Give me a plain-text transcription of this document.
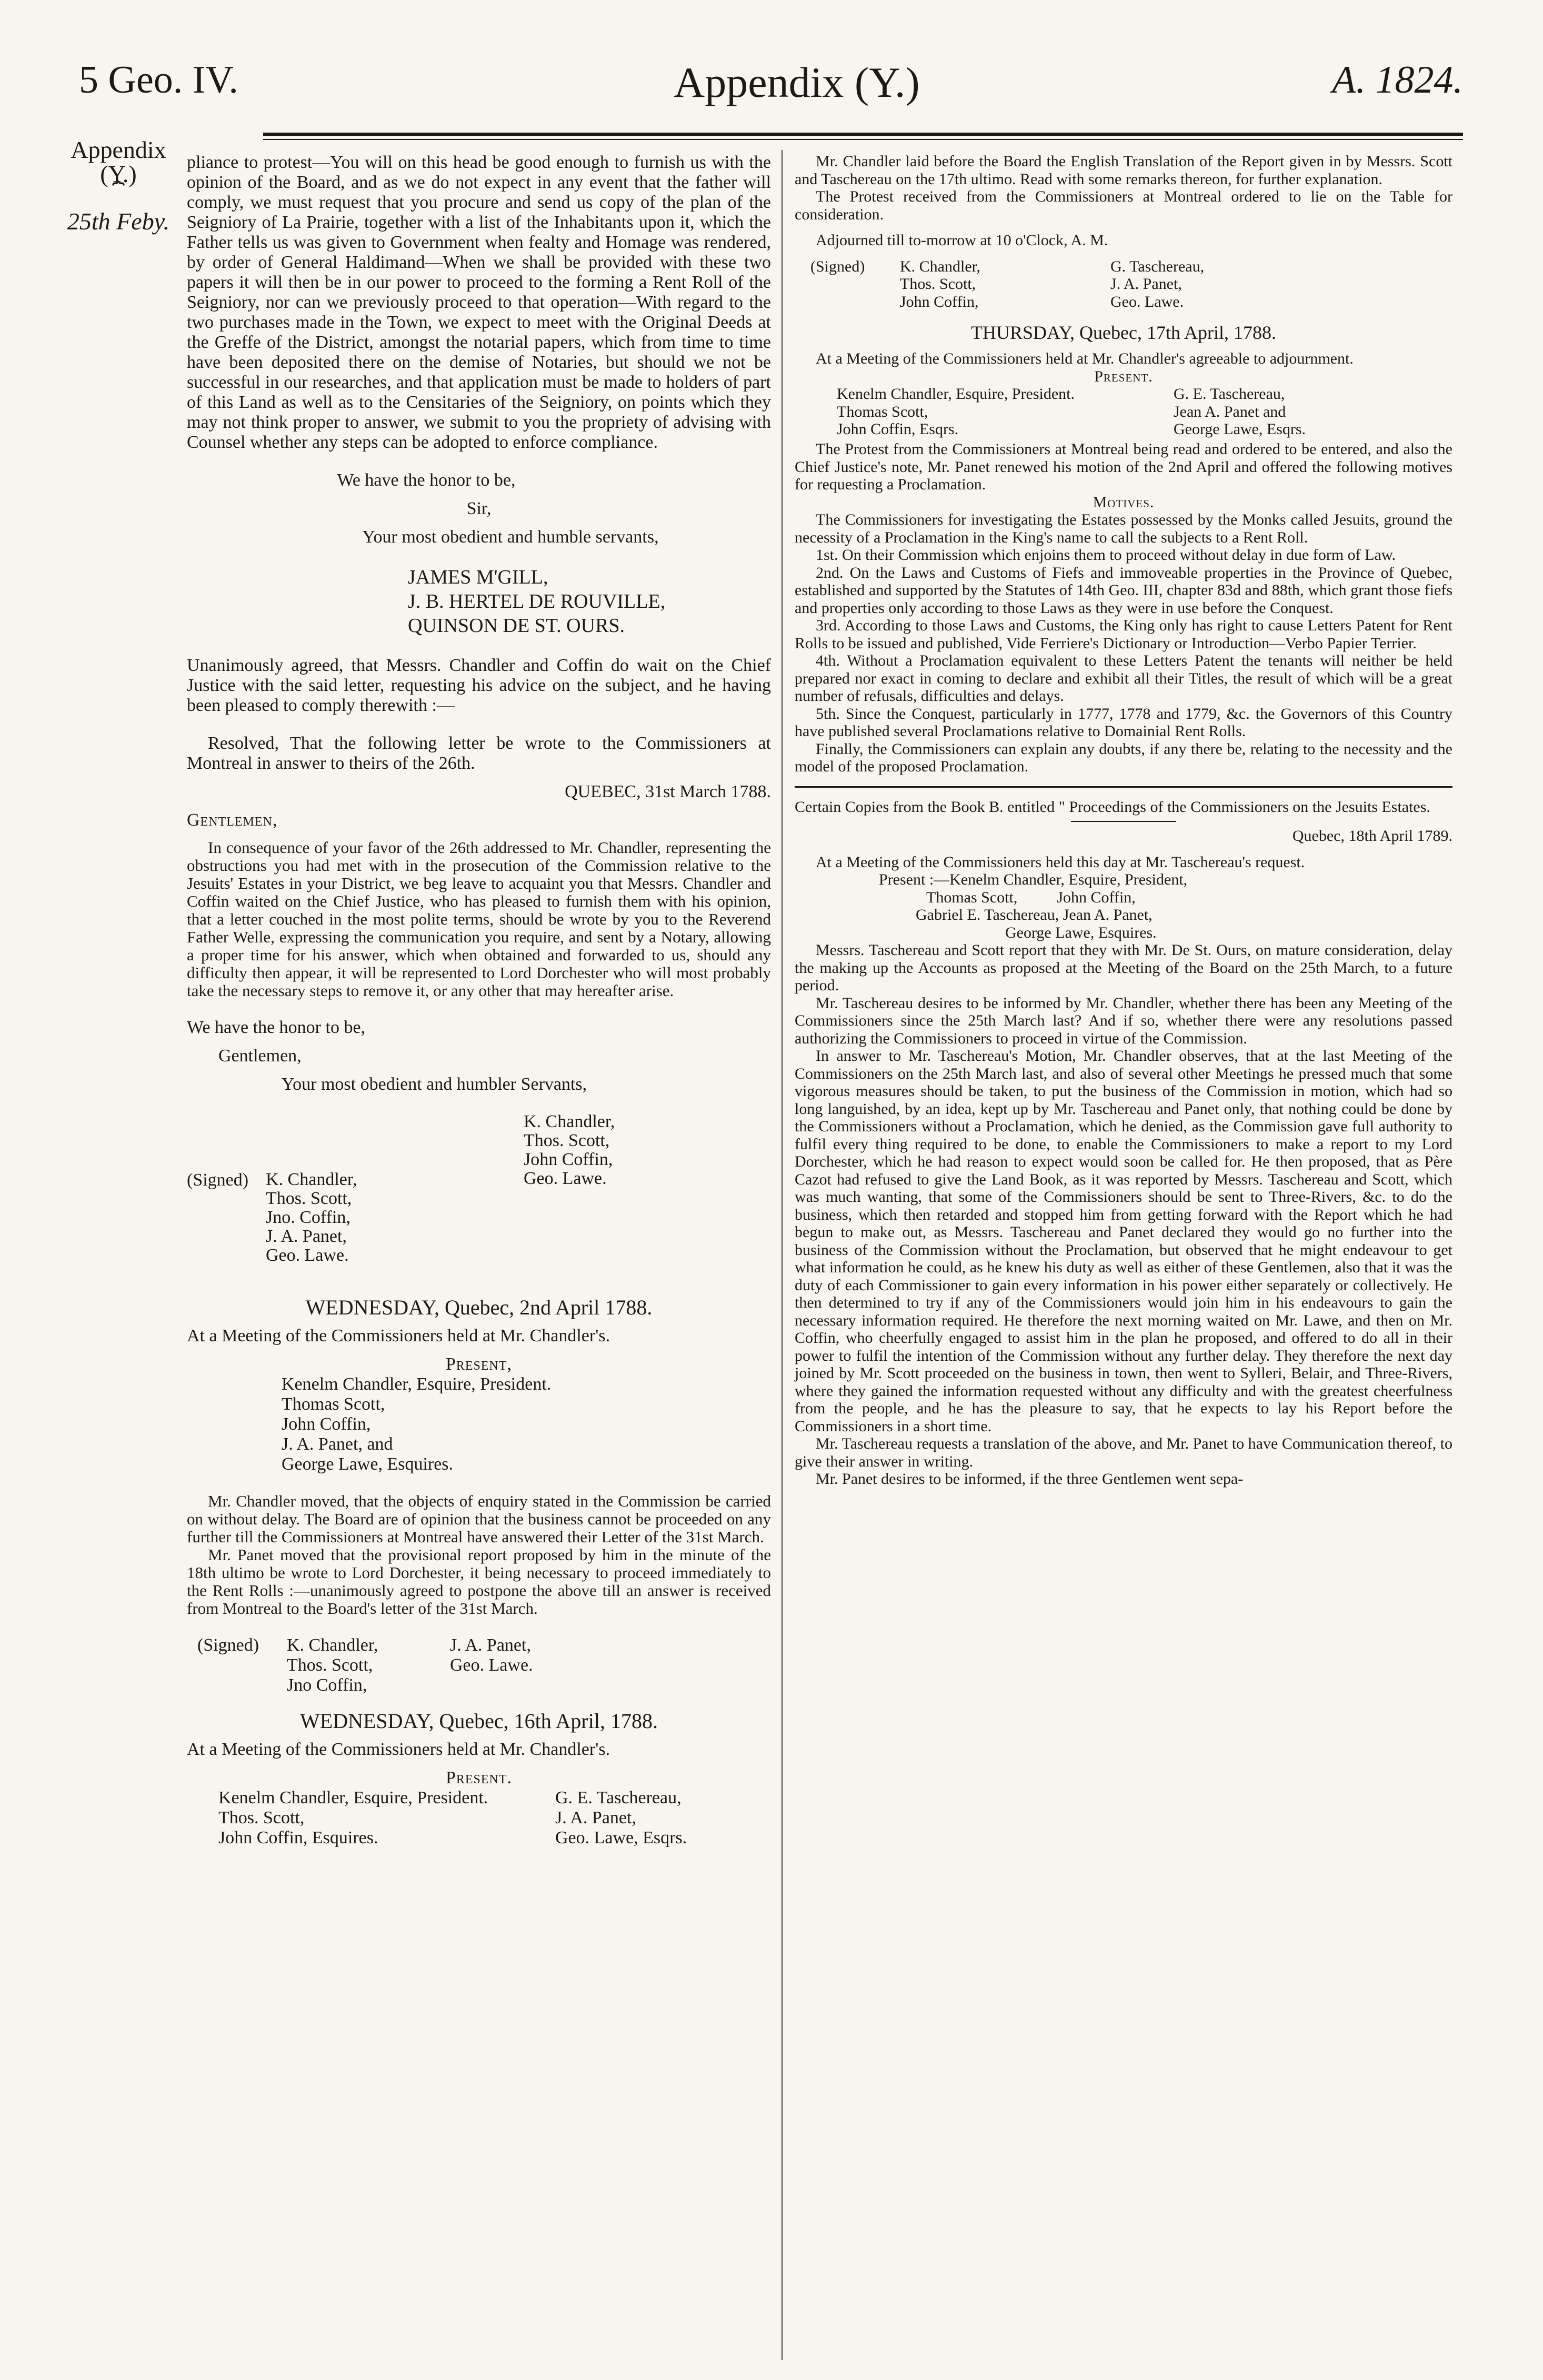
5 Geo. IV.	Appendix (Y.)	A. 1824.
Appendix
(Y.)
⏞
25th Feby.

pliance to protest—You will on this head be good enough to furnish us with the opinion of the Board, and as we do not expect in any event that the father will comply, we must request that you procure and send us copy of the plan of the Seigniory of La Prairie, together with a list of the Inhabitants upon it, which the Father tells us was given to Government when fealty and Homage was rendered, by order of General Haldimand—When we shall be provided with these two papers it will then be in our power to proceed to the forming a Rent Roll of the Seigniory, nor can we previously proceed to that operation—With regard to the two purchases made in the Town, we expect to meet with the Original Deeds at the Greffe of the District, amongst the notarial papers, which from time to time have been deposited there on the demise of Notaries, but should we not be successful in our researches, and that application must be made to holders of part of this Land as well as to the Censitaries of the Seigniory, on points which they may not think proper to answer, we submit to you the propriety of advising with Counsel whether any steps can be adopted to enforce compliance.

We have the honor to be,

Sir,

Your most obedient and humble servants,

JAMES M'GILL,
J. B. HERTEL DE ROUVILLE,
QUINSON DE ST. OURS.

Unanimously agreed, that Messrs. Chandler and Coffin do wait on the Chief Justice with the said letter, requesting his advice on the subject, and he having been pleased to comply therewith :—

Resolved, That the following letter be wrote to the Commissioners at Montreal in answer to theirs of the 26th.

QUEBEC, 31st March 1788.

Gentlemen,

In consequence of your favor of the 26th addressed to Mr. Chandler, representing the obstructions you had met with in the prosecution of the Commission relative to the Jesuits' Estates in your District, we beg leave to acquaint you that Messrs. Chandler and Coffin waited on the Chief Justice, who has pleased to furnish them with his opinion, that a letter couched in the most polite terms, should be wrote by you to the Reverend Father Welle, expressing the communication you require, and sent by a Notary, allowing a proper time for his answer, which when obtained and forwarded to us, should any difficulty then appear, it will be represented to Lord Dorchester who will most probably take the necessary steps to remove it, or any other that may hereafter arise.

We have the honor to be,

Gentlemen,

Your most obedient and humbler Servants,

K. Chandler,
Thos. Scott,
John Coffin,
Geo. Lawe.
(Signed) K. Chandler,
Thos. Scott,
Jno. Coffin,
J. A. Panet,
Geo. Lawe.

WEDNESDAY, Quebec, 2nd April 1788.

At a Meeting of the Commissioners held at Mr. Chandler's.

Present,

Kenelm Chandler, Esquire, President.
Thomas Scott,
John Coffin,
J. A. Panet, and
George Lawe, Esquires.

Mr. Chandler moved, that the objects of enquiry stated in the Commission be carried on without delay. The Board are of opinion that the business cannot be proceeded on any further till the Commissioners at Montreal have answered their Letter of the 31st March.

Mr. Panet moved that the provisional report proposed by him in the minute of the 18th ultimo be wrote to Lord Dorchester, it being necessary to proceed immediately to the Rent Rolls :—unanimously agreed to postpone the above till an answer is received from Montreal to the Board's letter of the 31st March.

(Signed) K. Chandler,
Thos. Scott,
Jno Coffin,
J. A. Panet,
Geo. Lawe.

WEDNESDAY, Quebec, 16th April, 1788.

At a Meeting of the Commissioners held at Mr. Chandler's.

Present.

Kenelm Chandler, Esquire, President.
Thos. Scott,
John Coffin, Esquires.
G. E. Taschereau,
J. A. Panet,
Geo. Lawe, Esqrs.

Mr. Chandler laid before the Board the English Translation of the Report given in by Messrs. Scott and Taschereau on the 17th ultimo. Read with some remarks thereon, for further explanation.

The Protest received from the Commissioners at Montreal ordered to lie on the Table for consideration.

Adjourned till to-morrow at 10 o'Clock, A. M.

(Signed) K. Chandler,
Thos. Scott,
John Coffin,
G. Taschereau,
J. A. Panet,
Geo. Lawe.

THURSDAY, Quebec, 17th April, 1788.

At a Meeting of the Commissioners held at Mr. Chandler's agreeable to adjournment.

Present.

Kenelm Chandler, Esquire, President.
Thomas Scott,
John Coffin, Esqrs.
G. E. Taschereau,
Jean A. Panet and
George Lawe, Esqrs.

The Protest from the Commissioners at Montreal being read and ordered to be entered, and also the Chief Justice's note, Mr. Panet renewed his motion of the 2nd April and offered the following motives for requesting a Proclamation.

Motives.

The Commissioners for investigating the Estates possessed by the Monks called Jesuits, ground the necessity of a Proclamation in the King's name to call the subjects to a Rent Roll.

1st. On their Commission which enjoins them to proceed without delay in due form of Law.

2nd. On the Laws and Customs of Fiefs and immoveable properties in the Province of Quebec, established and supported by the Statutes of 14th Geo. III, chapter 83d and 88th, which grant those fiefs and properties only according to those Laws as they were in use before the Conquest.

3rd. According to those Laws and Customs, the King only has right to cause Letters Patent for Rent Rolls to be issued and published, Vide Ferriere's Dictionary or Introduction—Verbo Papier Terrier.

4th. Without a Proclamation equivalent to these Letters Patent the tenants will neither be held prepared nor exact in coming to declare and exhibit all their Titles, the result of which will be a great number of refusals, difficulties and delays.

5th. Since the Conquest, particularly in 1777, 1778 and 1779, &c. the Governors of this Country have published several Proclamations relative to Domainial Rent Rolls.

Finally, the Commissioners can explain any doubts, if any there be, relating to the necessity and the model of the proposed Proclamation.

Certain Copies from the Book B. entitled " Proceedings of the Commissioners on the Jesuits Estates.

Quebec, 18th April 1789.

At a Meeting of the Commissioners held this day at Mr. Taschereau's request.

Present :—Kenelm Chandler, Esquire, President,
Thomas Scott,          John Coffin,
Gabriel E. Taschereau, Jean A. Panet,
George Lawe, Esquires.

Messrs. Taschereau and Scott report that they with Mr. De St. Ours, on mature consideration, delay the making up the Accounts as proposed at the Meeting of the Board on the 25th March, to a future period.

Mr. Taschereau desires to be informed by Mr. Chandler, whether there has been any Meeting of the Commissioners since the 25th March last? And if so, whether there were any resolutions passed authorizing the Commissioners to proceed in virtue of the Commission.

In answer to Mr. Taschereau's Motion, Mr. Chandler observes, that at the last Meeting of the Commissioners on the 25th March last, and also of several other Meetings he pressed much that some vigorous measures should be taken, to put the business of the Commission in motion, which had so long languished, by an idea, kept up by Mr. Taschereau and Panet only, that nothing could be done by the Commissioners without a Proclamation, which he denied, as the Commission gave full authority to fulfil every thing required to be done, to enable the Commissioners to make a report to my Lord Dorchester, which he had reason to expect would soon be called for. He then proposed, that as Père Cazot had refused to give the Land Book, as it was reported by Messrs. Taschereau and Scott, which was much wanting, that some of the Commissioners should be sent to Three-Rivers, &c. to do the business, which then retarded and stopped him from getting forward with the Report which he had begun to make out, as Messrs. Taschereau and Panet declared they would go no further into the business of the Commission without the Proclamation, but observed that he might endeavour to get what information he could, as he knew his duty as well as either of these Gentlemen, also that it was the duty of each Commissioner to gain every information in his power either separately or collectively. He then determined to try if any of the Commissioners would join him in his endeavours to gain the necessary information required. He therefore the next morning waited on Mr. Lawe, and then on Mr. Coffin, who cheerfully engaged to assist him in the plan he proposed, and offered to do all in their power to fulfil the intention of the Commission without any further delay. They therefore the next day joined by Mr. Scott proceeded on the business in town, then went to Sylleri, Belair, and Three-Rivers, where they gained the information requested without any difficulty and with the greatest cheerfulness from the people, and he has the pleasure to say, that he expects to lay his Report before the Commissioners in a short time.

Mr. Taschereau requests a translation of the above, and Mr. Panet to have Communication thereof, to give their answer in writing.

Mr. Panet desires to be informed, if the three Gentlemen went sepa-
